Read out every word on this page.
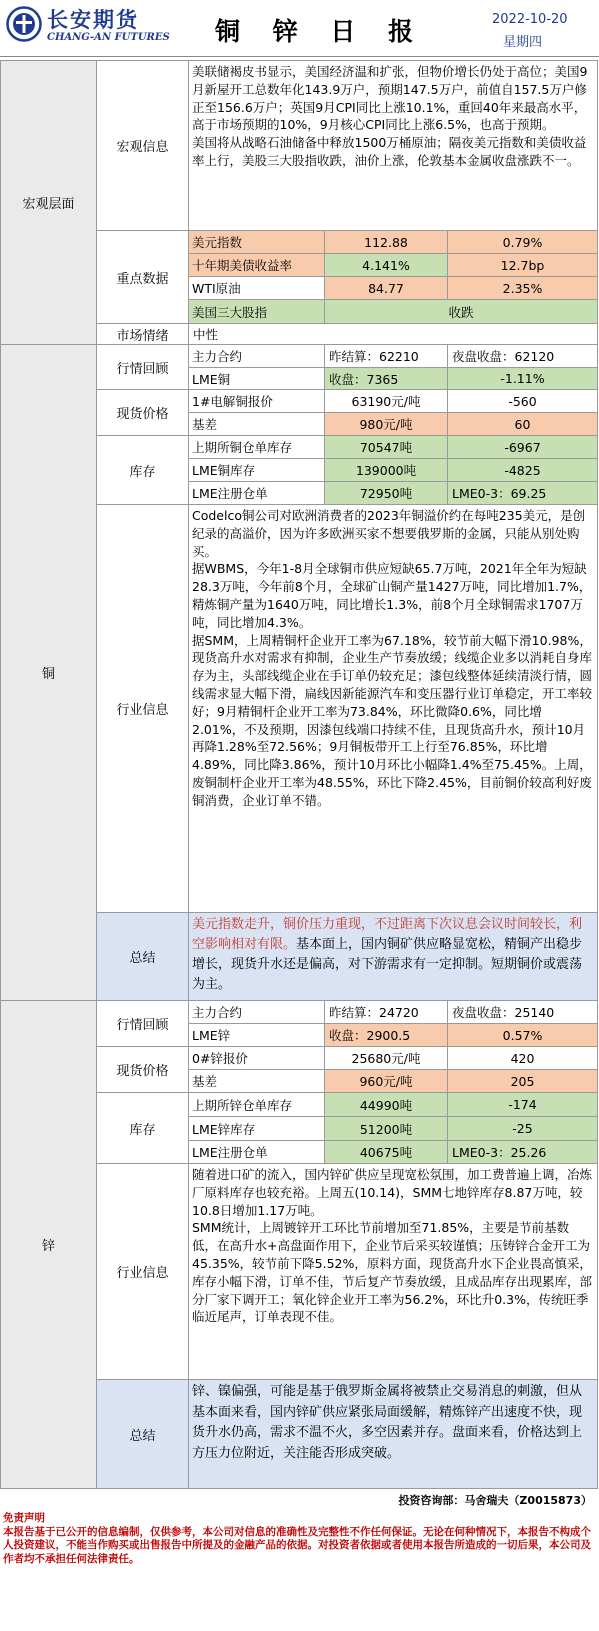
长安期货
CHANG-AN FUTURES 铜 锌 日 报	2022-10-20
星期四
宏观层面
宏观信息

美联储褐皮书显示，美国经济温和扩张，但物价增长仍处于高位；美国9月新屋开工总数年化143.9万户，预期147.5万户，前值自157.5万户修正至156.6万户；英国9月CPI同比上涨10.1%，重回40年来最高水平，高于市场预期的10%，9月核心CPI同比上涨6.5%，也高于预期。

美国将从战略石油储备中释放1500万桶原油；隔夜美元指数和美债收益率上行，美股三大股指收跌，油价上涨，伦敦基本金属收盘涨跌不一。

重点数据
美元指数	112.88	0.79%
十年期美债收益率	4.141%	12.7bp
WTI原油	84.77	2.35%
美国三大股指	收跌
市场情绪	中性
铜
行情回顾
主力合约	昨结算：62210	夜盘收盘：62120
LME铜	收盘：7365	-1.11%
现货价格
1#电解铜报价	63190元/吨	-560
基差	980元/吨	60
库存
上期所铜仓单库存	70547吨	-6967
LME铜库存	139000吨	-4825
LME注册仓单	72950吨	LME0-3：69.25
行业信息

Codelco铜公司对欧洲消费者的2023年铜溢价约在每吨235美元，是创纪录的高溢价，因为许多欧洲买家不想要俄罗斯的金属，只能从别处购买。

据WBMS，今年1-8月全球铜市供应短缺65.7万吨，2021年全年为短缺28.3万吨，今年前8个月，全球矿山铜产量1427万吨，同比增加1.7%，精炼铜产量为1640万吨，同比增长1.3%，前8个月全球铜需求1707万吨，同比增加4.3%。

据SMM，上周精铜杆企业开工率为67.18%，较节前大幅下滑10.98%，现货高升水对需求有抑制，企业生产节奏放缓；线缆企业多以消耗自身库存为主，头部线缆企业在手订单仍较充足；漆包线整体延续清淡行情，圆线需求显大幅下滑，扁线因新能源汽车和变压器行业订单稳定，开工率较好；9月精铜杆企业开工率为73.84%，环比微降0.6%，同比增2.01%，不及预期，因漆包线端口持续不佳，且现货高升水，预计10月再降1.28%至72.56%；9月铜板带开工上行至76.85%，环比增4.89%，同比降3.86%，预计10月环比小幅降1.4%至75.45%。上周，废铜制杆企业开工率为48.55%，环比下降2.45%，目前铜价较高利好废铜消费，企业订单不错。

总结
美元指数走升，铜价压力重现，不过距离下次议息会议时间较长，利空影响相对有限。基本面上，国内铜矿供应略显宽松，精铜产出稳步增长，现货升水还是偏高，对下游需求有一定抑制。短期铜价或震荡为主。
锌
行情回顾
主力合约	昨结算：24720	夜盘收盘：25140
LME锌	收盘：2900.5	0.57%
现货价格
0#锌报价	25680元/吨	420
基差	960元/吨	205
库存
上期所锌仓单库存	44990吨	-174
LME锌库存	51200吨	-25
LME注册仓单	40675吨	LME0-3：25.26
行业信息

随着进口矿的流入，国内锌矿供应呈现宽松氛围，加工费普遍上调，冶炼厂原料库存也较充裕。上周五(10.14)，SMM七地锌库存8.87万吨，较10.8日增加1.17万吨。

SMM统计，上周镀锌开工环比节前增加至71.85%，主要是节前基数低，在高升水+高盘面作用下，企业节后采买较谨慎；压铸锌合金开工为45.35%，较节前下降5.52%，原料方面，现货高升水下企业畏高慎采，库存小幅下滑，订单不佳，节后复产节奏放缓，且成品库存出现累库，部分厂家下调开工；氧化锌企业开工率为56.2%，环比升0.3%，传统旺季临近尾声，订单表现不佳。

总结
锌、镍偏强，可能是基于俄罗斯金属将被禁止交易消息的刺激，但从基本面来看，国内锌矿供应紧张局面缓解，精炼锌产出速度不快，现货升水仍高，需求不温不火，多空因素并存。盘面来看，价格达到上方压力位附近，关注能否形成突破。
投资咨询部：马舍瑞夫（Z0015873）
免责声明
本报告基于已公开的信息编制，仅供参考，本公司对信息的准确性及完整性不作任何保证。无论在何种情况下，本报告不构成个人投资建议，不能当作购买或出售报告中所提及的金融产品的依据。对投资者依据或者使用本报告所造成的一切后果，本公司及作者均不承担任何法律责任。
